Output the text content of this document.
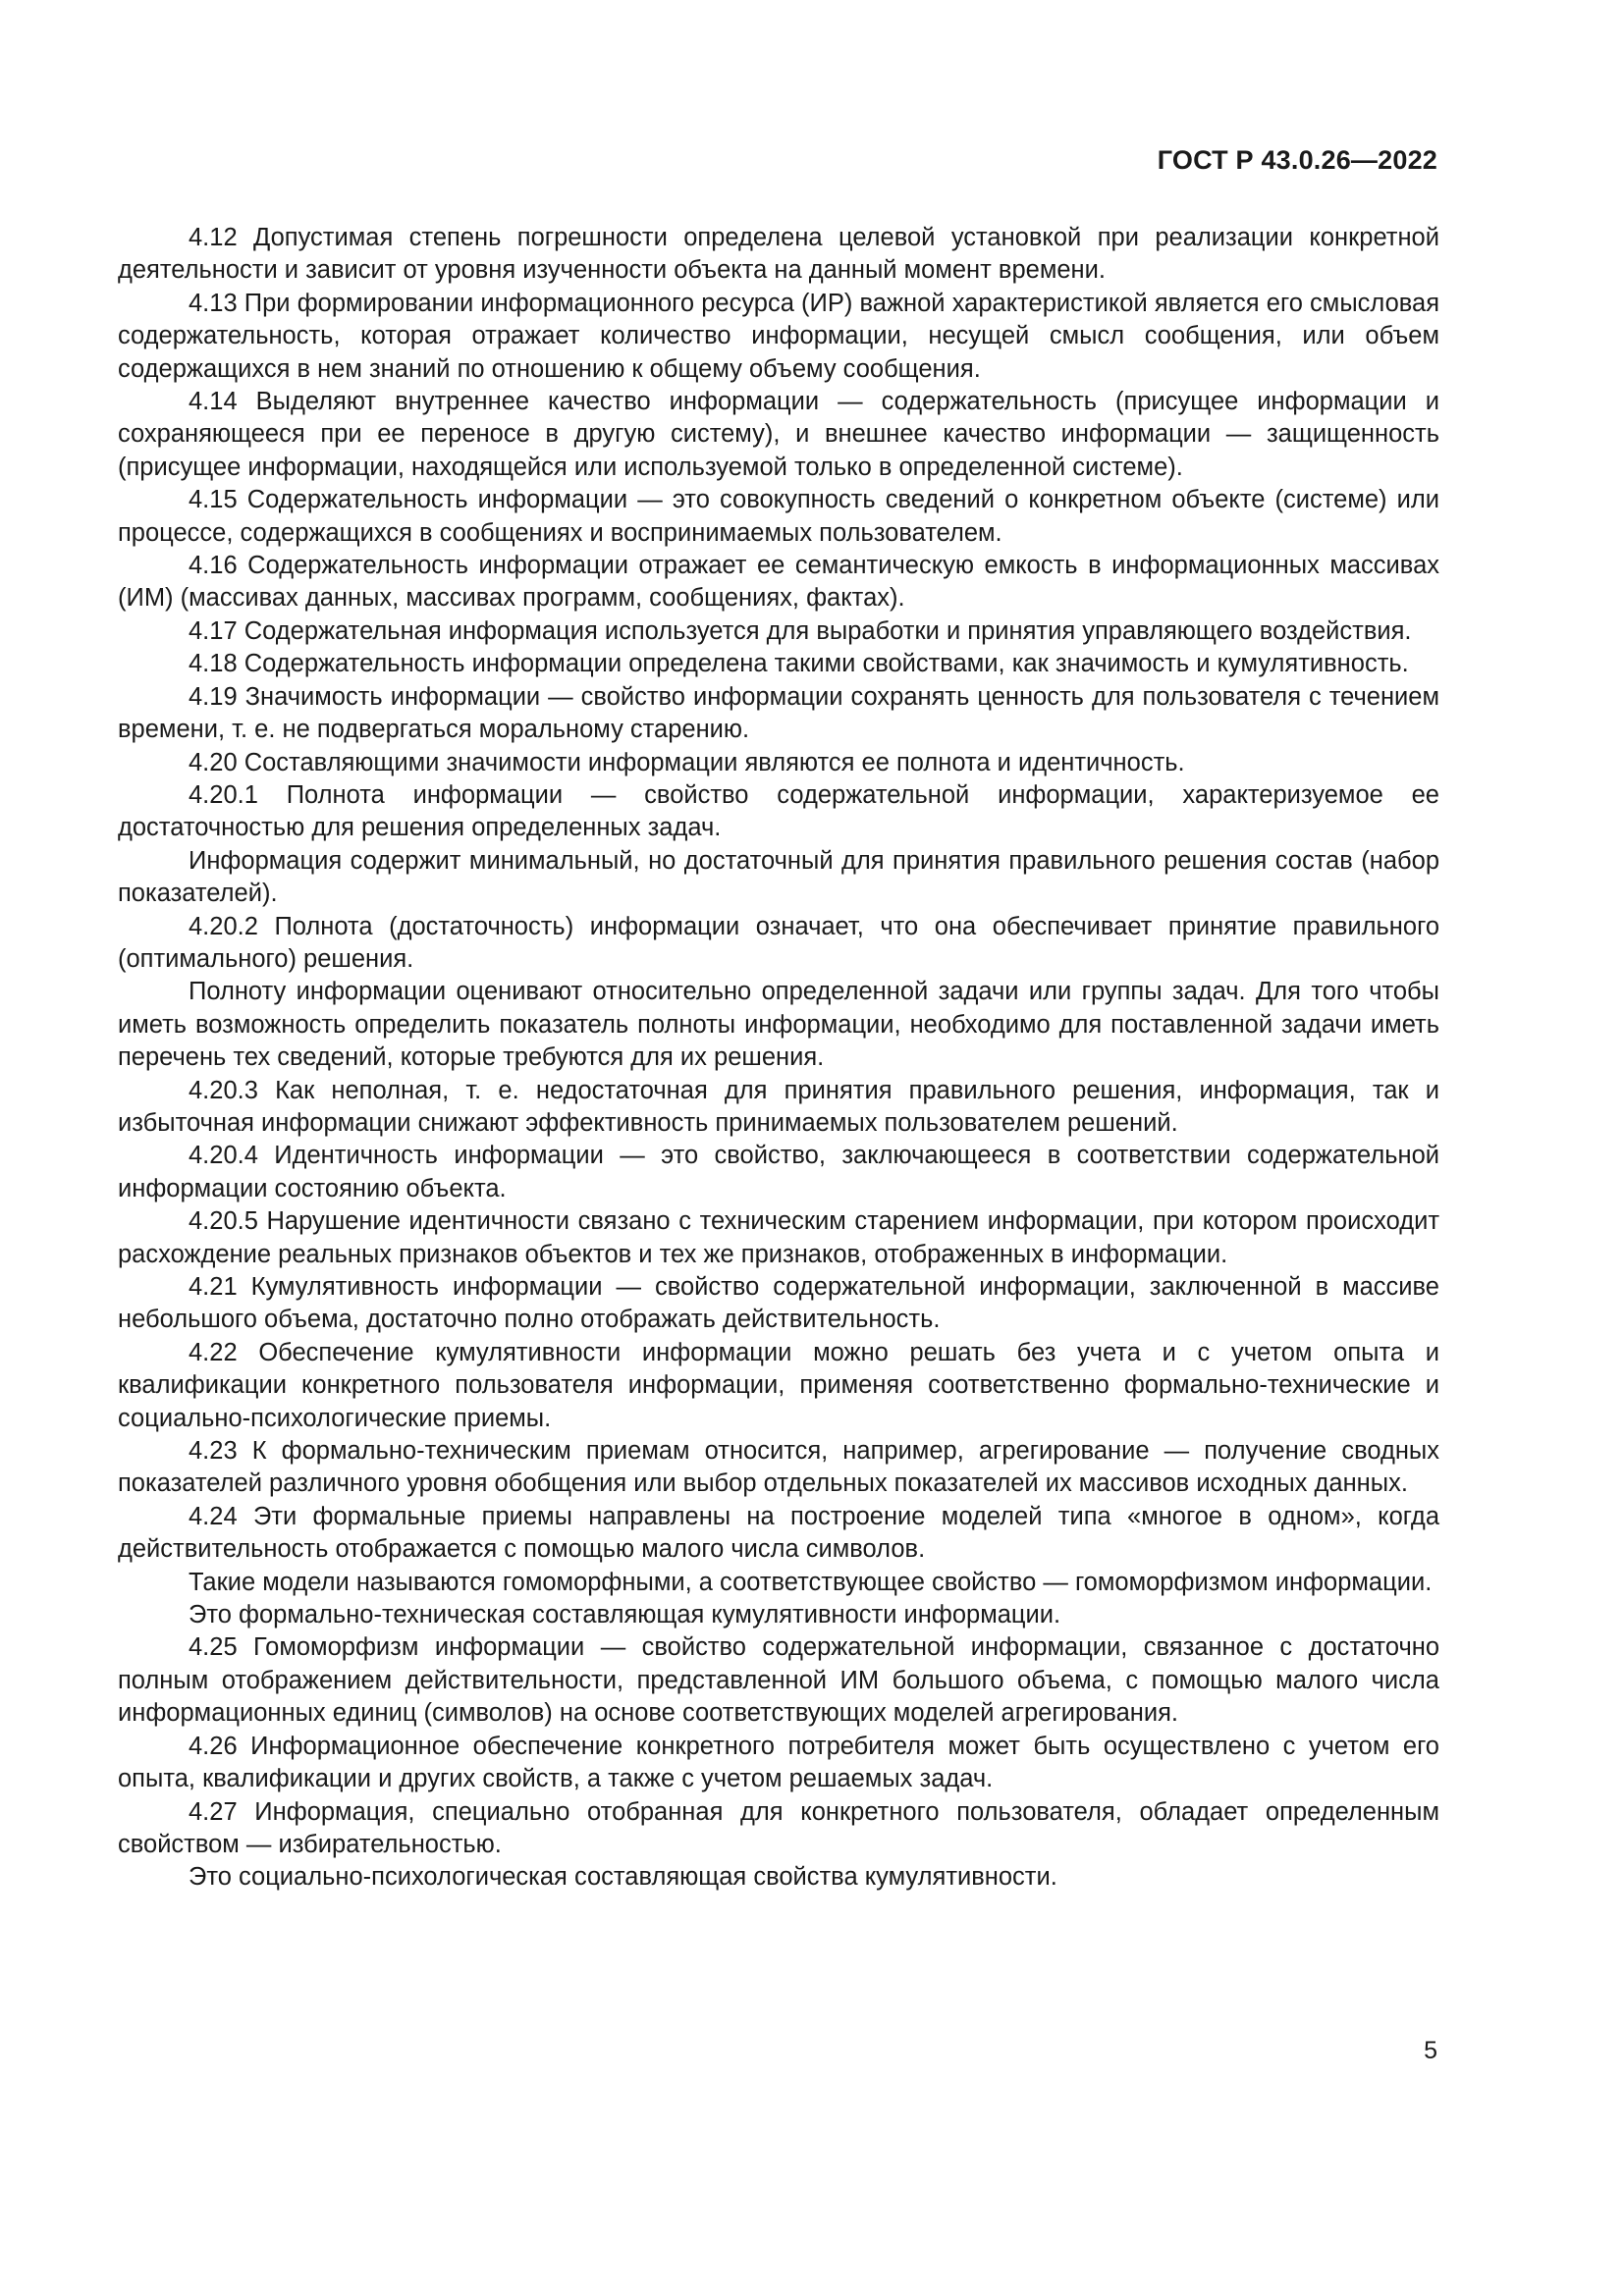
ГОСТ Р 43.0.26—2022

4.12 Допустимая степень погрешности определена целевой установкой при реализации конкретной деятельности и зависит от уровня изученности объекта на данный момент времени.

4.13 При формировании информационного ресурса (ИР) важной характеристикой является его смысловая содержательность, которая отражает количество информации, несущей смысл сообщения, или объем содержащихся в нем знаний по отношению к общему объему сообщения.

4.14 Выделяют внутреннее качество информации — содержательность (присущее информации и сохраняющееся при ее переносе в другую систему), и внешнее качество информации — защищенность (присущее информации, находящейся или используемой только в определенной системе).

4.15 Содержательность информации — это совокупность сведений о конкретном объекте (системе) или процессе, содержащихся в сообщениях и воспринимаемых пользователем.

4.16 Содержательность информации отражает ее семантическую емкость в информационных массивах (ИМ) (массивах данных, массивах программ, сообщениях, фактах).

4.17 Содержательная информация используется для выработки и принятия управляющего воздействия.

4.18 Содержательность информации определена такими свойствами, как значимость и кумулятивность.

4.19 Значимость информации — свойство информации сохранять ценность для пользователя с течением времени, т. е. не подвергаться моральному старению.

4.20 Составляющими значимости информации являются ее полнота и идентичность.

4.20.1 Полнота информации — свойство содержательной информации, характеризуемое ее достаточностью для решения определенных задач.

Информация содержит минимальный, но достаточный для принятия правильного решения состав (набор показателей).

4.20.2 Полнота (достаточность) информации означает, что она обеспечивает принятие правильного (оптимального) решения.

Полноту информации оценивают относительно определенной задачи или группы задач. Для того чтобы иметь возможность определить показатель полноты информации, необходимо для поставленной задачи иметь перечень тех сведений, которые требуются для их решения.

4.20.3 Как неполная, т. е. недостаточная для принятия правильного решения, информация, так и избыточная информации снижают эффективность принимаемых пользователем решений.

4.20.4 Идентичность информации — это свойство, заключающееся в соответствии содержательной информации состоянию объекта.

4.20.5 Нарушение идентичности связано с техническим старением информации, при котором происходит расхождение реальных признаков объектов и тех же признаков, отображенных в информации.

4.21 Кумулятивность информации — свойство содержательной информации, заключенной в массиве небольшого объема, достаточно полно отображать действительность.

4.22 Обеспечение кумулятивности информации можно решать без учета и с учетом опыта и квалификации конкретного пользователя информации, применяя соответственно формально-технические и социально-психологические приемы.

4.23 К формально-техническим приемам относится, например, агрегирование — получение сводных показателей различного уровня обобщения или выбор отдельных показателей их массивов исходных данных.

4.24 Эти формальные приемы направлены на построение моделей типа «многое в одном», когда действительность отображается с помощью малого числа символов.

Такие модели называются гомоморфными, а соответствующее свойство — гомоморфизмом информации.

Это формально-техническая составляющая кумулятивности информации.

4.25 Гомоморфизм информации — свойство содержательной информации, связанное с достаточно полным отображением действительности, представленной ИМ большого объема, с помощью малого числа информационных единиц (символов) на основе соответствующих моделей агрегирования.

4.26 Информационное обеспечение конкретного потребителя может быть осуществлено с учетом его опыта, квалификации и других свойств, а также с учетом решаемых задач.

4.27 Информация, специально отобранная для конкретного пользователя, обладает определенным свойством — избирательностью.

Это социально-психологическая составляющая свойства кумулятивности.

5
